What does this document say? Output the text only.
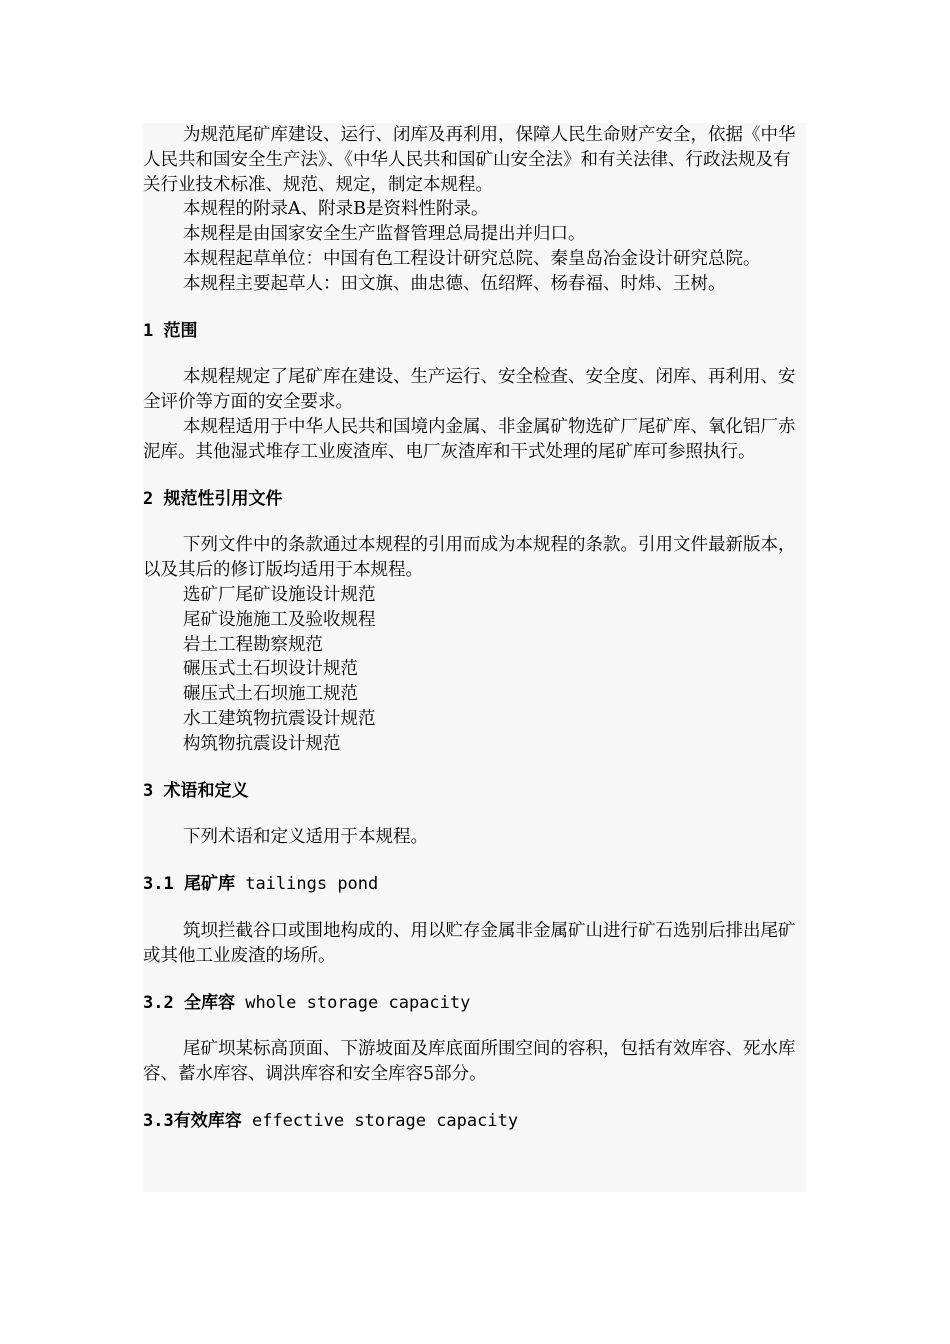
为规范尾矿库建设、运行、闭库及再利用，保障人民生命财产安全，依据《中华人民共和国安全生产法》、《中华人民共和国矿山安全法》和有关法律、行政法规及有关行业技术标准、规范、规定，制定本规程。

本规程的附录A、附录B是资料性附录。

本规程是由国家安全生产监督管理总局提出并归口。

本规程起草单位：中国有色工程设计研究总院、秦皇岛冶金设计研究总院。

本规程主要起草人：田文旗、曲忠德、伍绍辉、杨春福、时炜、王树。

1 范围

本规程规定了尾矿库在建设、生产运行、安全检查、安全度、闭库、再利用、安全评价等方面的安全要求。

本规程适用于中华人民共和国境内金属、非金属矿物选矿厂尾矿库、氧化铝厂赤泥库。其他湿式堆存工业废渣库、电厂灰渣库和干式处理的尾矿库可参照执行。

2 规范性引用文件

下列文件中的条款通过本规程的引用而成为本规程的条款。引用文件最新版本，以及其后的修订版均适用于本规程。

选矿厂尾矿设施设计规范

尾矿设施施工及验收规程

岩土工程勘察规范

碾压式土石坝设计规范

碾压式土石坝施工规范

水工建筑物抗震设计规范

构筑物抗震设计规范

3 术语和定义

下列术语和定义适用于本规程。

3.1 尾矿库 tailings pond

筑坝拦截谷口或围地构成的、用以贮存金属非金属矿山进行矿石选别后排出尾矿或其他工业废渣的场所。

3.2 全库容 whole storage capacity

尾矿坝某标高顶面、下游坡面及库底面所围空间的容积，包括有效库容、死水库容、蓄水库容、调洪库容和安全库容5部分。

3.3有效库容 effective storage capacity
